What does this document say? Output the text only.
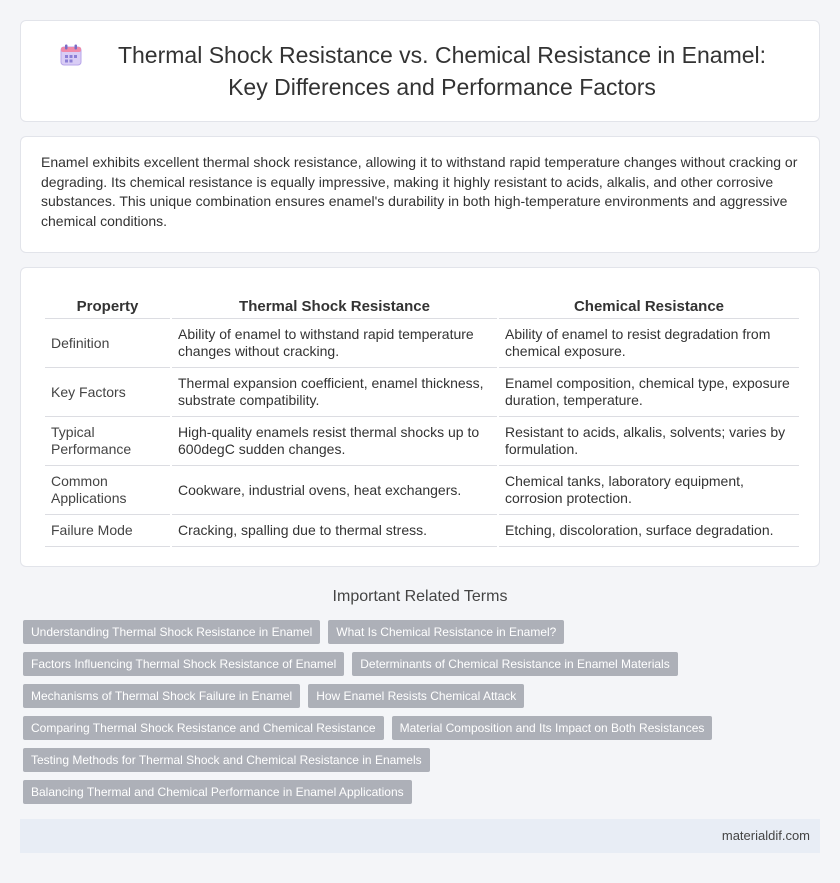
Thermal Shock Resistance vs. Chemical Resistance in Enamel: Key Differences and Performance Factors

Enamel exhibits excellent thermal shock resistance, allowing it to withstand rapid temperature changes without cracking or degrading. Its chemical resistance is equally impressive, making it highly resistant to acids, alkalis, and other corrosive substances. This unique combination ensures enamel's durability in both high-temperature environments and aggressive chemical conditions.

Property	Thermal Shock Resistance	Chemical Resistance
Definition	Ability of enamel to withstand rapid temperature changes without cracking.	Ability of enamel to resist degradation from chemical exposure.
Key Factors	Thermal expansion coefficient, enamel thickness, substrate compatibility.	Enamel composition, chemical type, exposure duration, temperature.
Typical Performance	High-quality enamels resist thermal shocks up to 600degC sudden changes.	Resistant to acids, alkalis, solvents; varies by formulation.
Common Applications	Cookware, industrial ovens, heat exchangers.	Chemical tanks, laboratory equipment, corrosion protection.
Failure Mode	Cracking, spalling due to thermal stress.	Etching, discoloration, surface degradation.
Important Related Terms
Understanding Thermal Shock Resistance in Enamel	What Is Chemical Resistance in Enamel?
Factors Influencing Thermal Shock Resistance of Enamel	Determinants of Chemical Resistance in Enamel Materials
Mechanisms of Thermal Shock Failure in Enamel	How Enamel Resists Chemical Attack
Comparing Thermal Shock Resistance and Chemical Resistance	Material Composition and Its Impact on Both Resistances
Testing Methods for Thermal Shock and Chemical Resistance in Enamels
Balancing Thermal and Chemical Performance in Enamel Applications
materialdif.com
